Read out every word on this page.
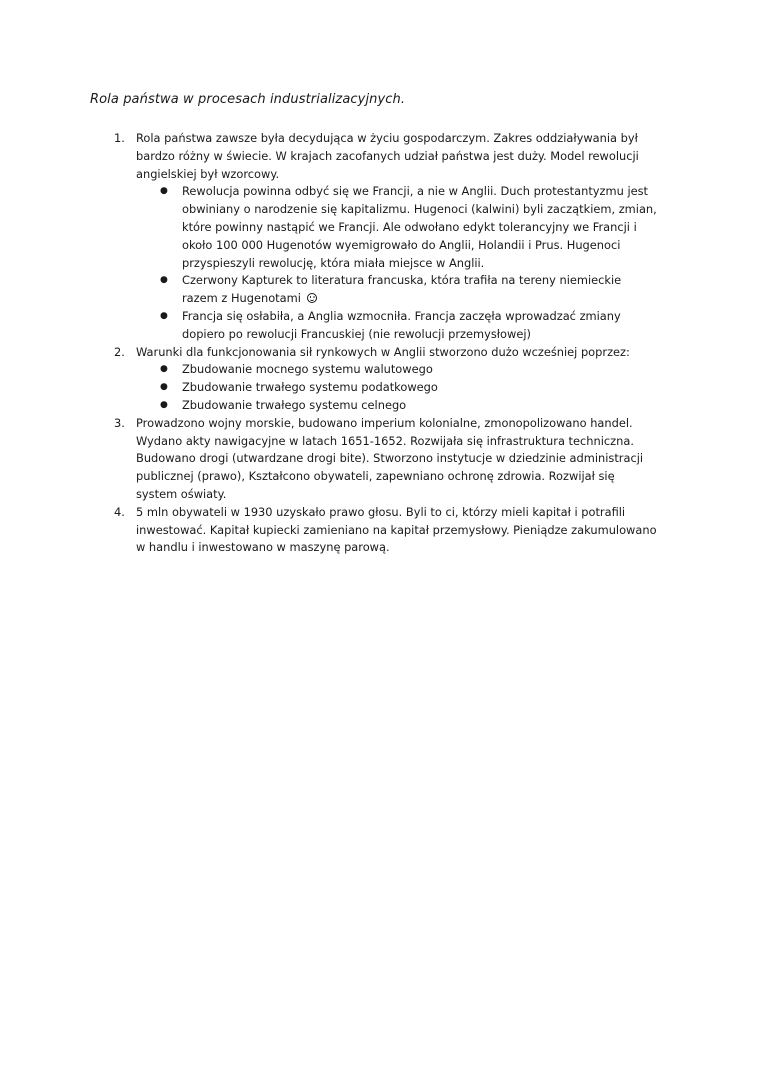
Rola państwa w procesach industrializacyjnych.
1. Rola państwa zawsze była decydująca w życiu gospodarczym. Zakres oddziaływania był
bardzo różny w świecie. W krajach zacofanych udział państwa jest duży. Model rewolucji
angielskiej był wzorcowy.
● Rewolucja powinna odbyć się we Francji, a nie w Anglii. Duch protestantyzmu jest
obwiniany o narodzenie się kapitalizmu. Hugenoci (kalwini) byli zaczątkiem, zmian,
które powinny nastąpić we Francji. Ale odwołano edykt tolerancyjny we Francji i
około 100 000 Hugenotów wyemigrowało do Anglii, Holandii i Prus. Hugenoci
przyspieszyli rewolucję, która miała miejsce w Anglii.
● Czerwony Kapturek to literatura francuska, która trafiła na tereny niemieckie
razem z Hugenotami
● Francja się osłabiła, a Anglia wzmocniła. Francja zaczęła wprowadzać zmiany
dopiero po rewolucji Francuskiej (nie rewolucji przemysłowej)
2. Warunki dla funkcjonowania sił rynkowych w Anglii stworzono dużo wcześniej poprzez:
● Zbudowanie mocnego systemu walutowego
● Zbudowanie trwałego systemu podatkowego
● Zbudowanie trwałego systemu celnego
3. Prowadzono wojny morskie, budowano imperium kolonialne, zmonopolizowano handel.
Wydano akty nawigacyjne w latach 1651-1652. Rozwijała się infrastruktura techniczna.
Budowano drogi (utwardzane drogi bite). Stworzono instytucje w dziedzinie administracji
publicznej (prawo), Kształcono obywateli, zapewniano ochronę zdrowia. Rozwijał się
system oświaty.
4. 5 mln obywateli w 1930 uzyskało prawo głosu. Byli to ci, którzy mieli kapitał i potrafili
inwestować. Kapitał kupiecki zamieniano na kapitał przemysłowy. Pieniądze zakumulowano
w handlu i inwestowano w maszynę parową.
